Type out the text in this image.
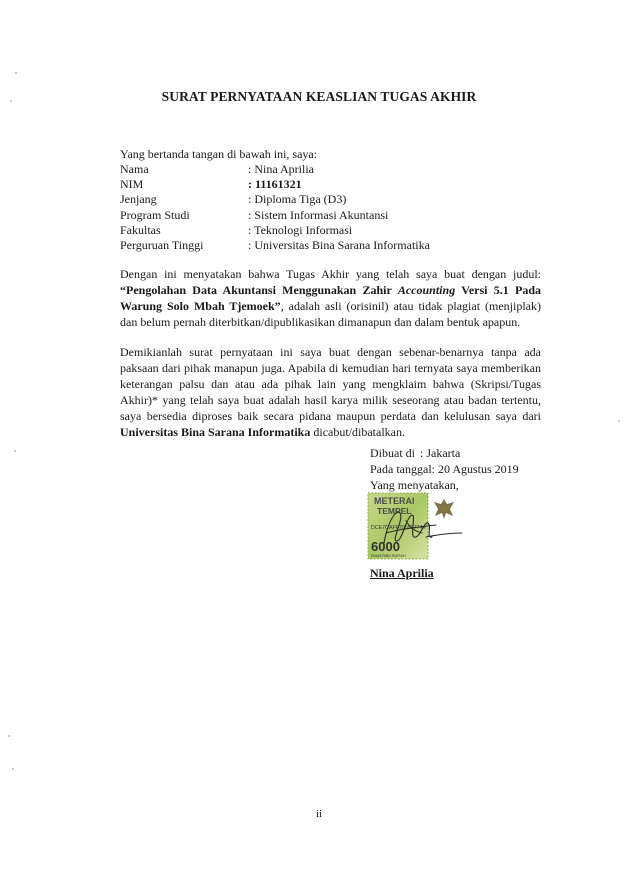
SURAT PERNYATAAN KEASLIAN TUGAS AKHIR
Yang bertanda tangan di bawah ini, saya:
Nama	: Nina Aprilia
NIM	: 11161321
Jenjang	: Diploma Tiga (D3)
Program Studi	: Sistem Informasi Akuntansi
Fakultas	: Teknologi Informasi
Perguruan Tinggi	: Universitas Bina Sarana Informatika

Dengan ini menyatakan bahwa Tugas Akhir yang telah saya buat dengan judul: “Pengolahan Data Akuntansi Menggunakan Zahir Accounting Versi 5.1 Pada Warung Solo Mbah Tjemoek”, adalah asli (orisinil) atau tidak plagiat (menjiplak) dan belum pernah diterbitkan/dipublikasikan dimanapun dan dalam bentuk apapun.

Demikianlah surat pernyataan ini saya buat dengan sebenar-benarnya tanpa ada paksaan dari pihak manapun juga. Apabila di kemudian hari ternyata saya memberikan keterangan palsu dan atau ada pihak lain yang mengklaim bahwa (Skripsi/Tugas Akhir)* yang telah saya buat adalah hasil karya milik seseorang atau badan tertentu, saya bersedia diproses baik secara pidana maupun perdata dan kelulusan saya dari Universitas Bina Sarana Informatika dicabut/dibatalkan.

Dibuat di : Jakarta
Pada tanggal: 20 Agustus 2019
Yang menyatakan,
METERAI
TEMPEL
DCE7CAFF795527744
6000
ENAM RIBU RUPIAH
Nina Aprilia
ii
